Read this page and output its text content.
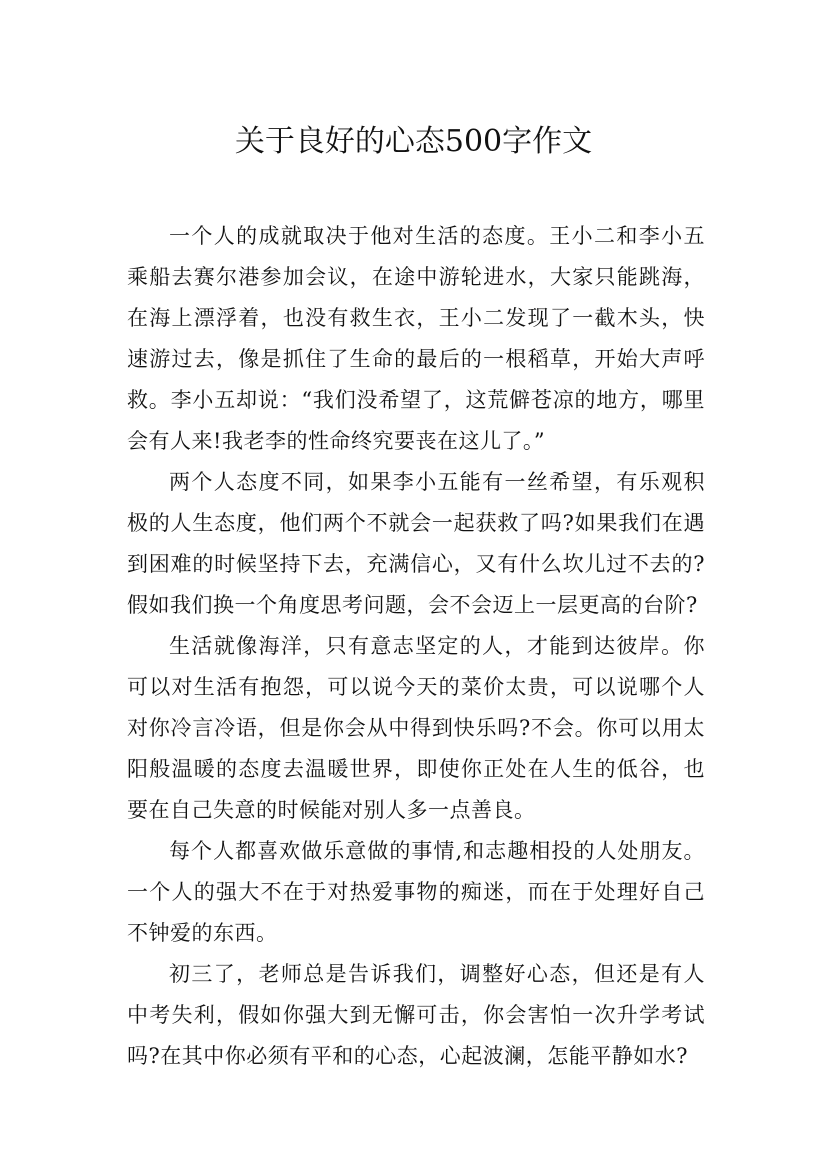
关于良好的心态500字作文

一个人的成就取决于他对生活的态度。王小二和李小五乘船去赛尔港参加会议，在途中游轮进水，大家只能跳海，在海上漂浮着，也没有救生衣，王小二发现了一截木头，快速游过去，像是抓住了生命的最后的一根稻草，开始大声呼救。李小五却说：“我们没希望了，这荒僻苍凉的地方，哪里会有人来!我老李的性命终究要丧在这儿了。”

两个人态度不同，如果李小五能有一丝希望，有乐观积极的人生态度，他们两个不就会一起获救了吗?如果我们在遇到困难的时候坚持下去，充满信心，又有什么坎儿过不去的?假如我们换一个角度思考问题，会不会迈上一层更高的台阶?

生活就像海洋，只有意志坚定的人，才能到达彼岸。你可以对生活有抱怨，可以说今天的菜价太贵，可以说哪个人对你冷言冷语，但是你会从中得到快乐吗?不会。你可以用太阳般温暖的态度去温暖世界，即使你正处在人生的低谷，也要在自己失意的时候能对别人多一点善良。

每个人都喜欢做乐意做的事情,和志趣相投的人处朋友。一个人的强大不在于对热爱事物的痴迷，而在于处理好自己不钟爱的东西。

初三了，老师总是告诉我们，调整好心态，但还是有人中考失利，假如你强大到无懈可击，你会害怕一次升学考试吗?在其中你必须有平和的心态，心起波澜，怎能平静如水?
